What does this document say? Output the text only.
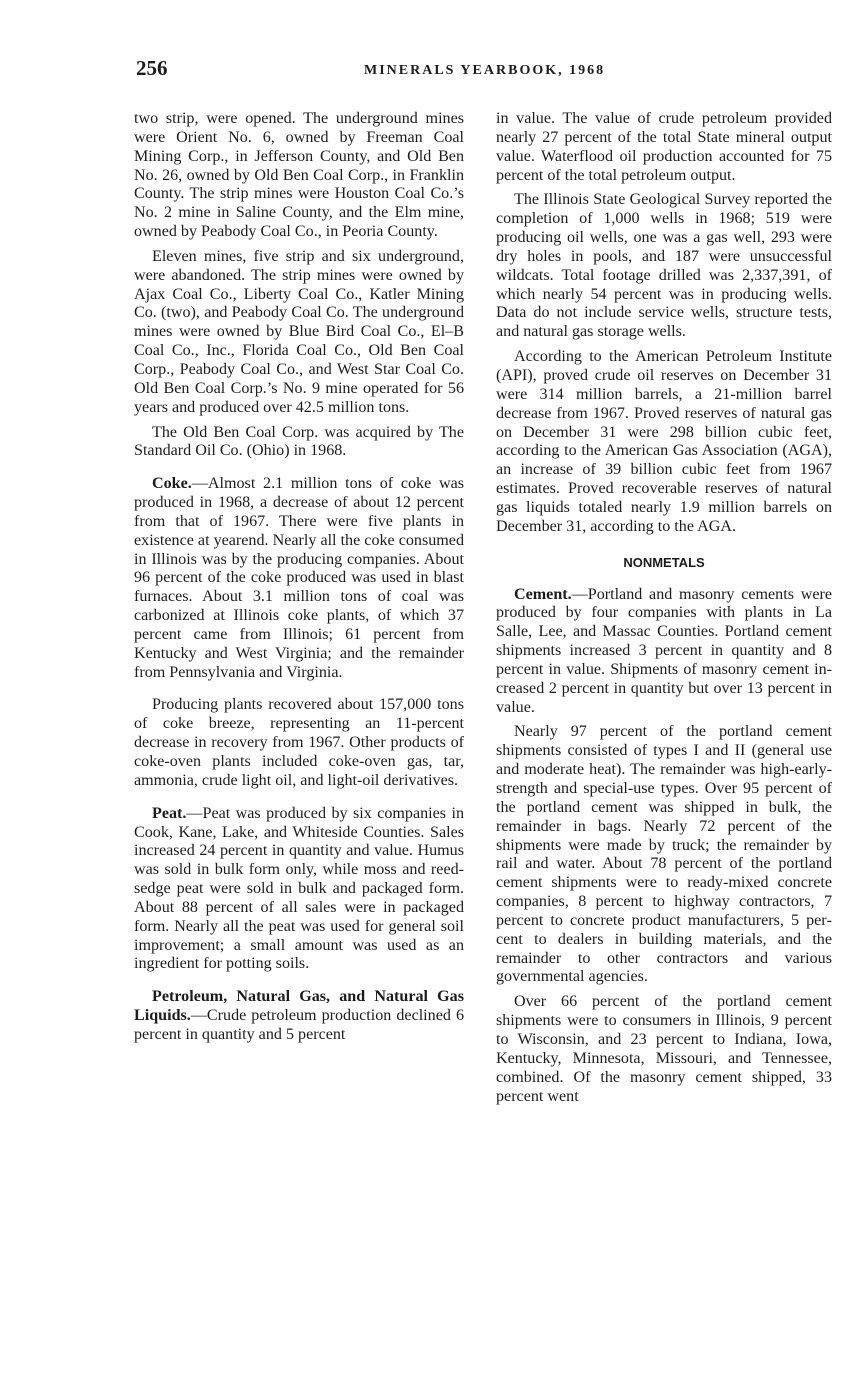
256	MINERALS YEARBOOK, 1968

two strip, were opened. The underground mines were Orient No. 6, owned by Freeman Coal Mining Corp., in Jefferson County, and Old Ben No. 26, owned by Old Ben Coal Corp., in Franklin County. The strip mines were Houston Coal Co.’s No. 2 mine in Saline County, and the Elm mine, owned by Peabody Coal Co., in Peoria County.

Eleven mines, five strip and six underground, were abandoned. The strip mines were owned by Ajax Coal Co., Liberty Coal Co., Katler Mining Co. (two), and Peabody Coal Co. The underground mines were owned by Blue Bird Coal Co., El–B Coal Co., Inc., Florida Coal Co., Old Ben Coal Corp., Peabody Coal Co., and West Star Coal Co. Old Ben Coal Corp.’s No. 9 mine operated for 56 years and produced over 42.5 million tons.

The Old Ben Coal Corp. was acquired by The Standard Oil Co. (Ohio) in 1968.

Coke.—Almost 2.1 million tons of coke was produced in 1968, a decrease of about 12 percent from that of 1967. There were five plants in existence at yearend. Nearly all the coke consumed in Illinois was by the producing companies. About 96 percent of the coke produced was used in blast furnaces. About 3.1 million tons of coal was carbonized at Illinois coke plants, of which 37 percent came from Illinois; 61 percent from Kentucky and West Virginia; and the remainder from Pennsylvania and Virginia.

Producing plants recovered about 157,000 tons of coke breeze, representing an 11-percent decrease in recovery from 1967. Other products of coke-oven plants included coke-oven gas, tar, ammonia, crude light oil, and light-oil derivatives.

Peat.—Peat was produced by six companies in Cook, Kane, Lake, and Whiteside Counties. Sales increased 24 percent in quantity and value. Humus was sold in bulk form only, while moss and reed-sedge peat were sold in bulk and packaged form. About 88 percent of all sales were in packaged form. Nearly all the peat was used for general soil improvement; a small amount was used as an ingredient for potting soils.

Petroleum, Natural Gas, and Natural Gas Liquids.—Crude petroleum production declined 6 percent in quantity and 5 percent

in value. The value of crude petroleum provided nearly 27 percent of the total State mineral output value. Waterflood oil production accounted for 75 percent of the total petroleum output.

The Illinois State Geological Survey reported the completion of 1,000 wells in 1968; 519 were producing oil wells, one was a gas well, 293 were dry holes in pools, and 187 were unsuccessful wildcats. Total footage drilled was 2,337,391, of which nearly 54 percent was in producing wells. Data do not include service wells, structure tests, and natural gas storage wells.

According to the American Petroleum Institute (API), proved crude oil reserves on December 31 were 314 million barrels, a 21-million barrel decrease from 1967. Proved reserves of natural gas on December 31 were 298 billion cubic feet, according to the American Gas Association (AGA), an increase of 39 billion cubic feet from 1967 estimates. Proved recoverable reserves of natural gas liquids totaled nearly 1.9 million barrels on December 31, according to the AGA.

NONMETALS

Cement.—Portland and masonry cements were produced by four companies with plants in La Salle, Lee, and Massac Counties. Portland cement shipments increased 3 percent in quantity and 8 percent in value. Shipments of masonry cement increased 2 percent in quantity but over 13 percent in value.

Nearly 97 percent of the portland cement shipments consisted of types I and II (general use and moderate heat). The remainder was high-early-strength and special-use types. Over 95 percent of the portland cement was shipped in bulk, the remainder in bags. Nearly 72 percent of the shipments were made by truck; the remainder by rail and water. About 78 percent of the portland cement shipments were to ready-mixed concrete companies, 8 percent to highway contractors, 7 percent to concrete product manufacturers, 5 percent to dealers in building materials, and the remainder to other contractors and various governmental agencies.

Over 66 percent of the portland cement shipments were to consumers in Illinois, 9 percent to Wisconsin, and 23 percent to Indiana, Iowa, Kentucky, Minnesota, Missouri, and Tennessee, combined. Of the masonry cement shipped, 33 percent went
